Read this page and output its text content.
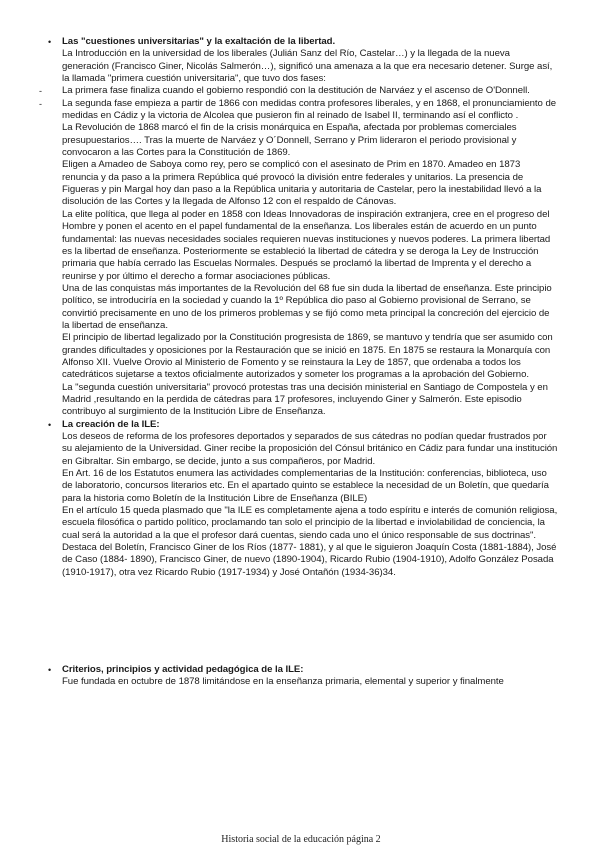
•	Las "cuestiones universitarias" y la exaltación de la libertad.
La Introducción en la universidad de los liberales (Julián Sanz del Río, Castelar…) y la llegada de la nueva generación (Francisco Giner, Nicolás Salmerón…), significó una amenaza a la que era necesario detener. Surge así, la llamada "primera cuestión universitaria", que tuvo dos fases:
-	La primera fase finaliza cuando el gobierno respondió con la destitución de Narváez y el ascenso de O'Donnell.
-	La segunda fase empieza a partir de 1866 con medidas contra profesores liberales, y en 1868, el pronunciamiento de medidas en Cádiz y la victoria de Alcolea que pusieron fin al reinado de Isabel II, terminando así el conflicto .
La Revolución de 1868 marcó el fin de la crisis monárquica en España, afectada por problemas comerciales presupuestarios…. Tras la muerte de Narváez y O´Donnell, Serrano y Prim lideraron el periodo provisional y convocaron a las Cortes para la Constitución de 1869.
Eligen a Amadeo de Saboya como rey, pero se complicó con el asesinato de Prim en 1870. Amadeo en 1873 renuncia y da paso a la primera República qué provocó la división entre federales y unitarios. La presencia de Figueras y pin Margal hoy dan paso a la República unitaria y autoritaria de Castelar, pero la inestabilidad llevó a la disolución de las Cortes y la llegada de Alfonso 12 con el respaldo de Cánovas.
La elite política, que llega al poder en 1858 con Ideas Innovadoras de inspiración extranjera, cree en el progreso del Hombre y ponen el acento en el papel fundamental de la enseñanza. Los liberales están de acuerdo en un punto fundamental: las nuevas necesidades sociales requieren nuevas instituciones y nuevos poderes. La primera libertad es la libertad de enseñanza. Posteriormente se estableció la libertad de cátedra y se deroga la Ley de Instrucción primaria que había cerrado las Escuelas Normales. Después se proclamó la libertad de Imprenta y el derecho a reunirse y por último el derecho a formar asociaciones públicas.
Una de las conquistas más importantes de la Revolución del 68 fue sin duda la libertad de enseñanza. Este principio político, se introduciría en la sociedad y cuando la 1º República dio paso al Gobierno provisional de Serrano, se convirtió precisamente en uno de los primeros problemas y se fijó como meta principal la concreción del ejercicio de la libertad de enseñanza.
El principio de libertad legalizado por la Constitución progresista de 1869, se mantuvo y tendría que ser asumido con grandes dificultades y oposiciones por la Restauración que se inició en 1875. En 1875 se restaura la Monarquía con Alfonso XII. Vuelve Orovio al Ministerio de Fomento y se reinstaura la Ley de 1857, que ordenaba a todos los catedráticos sujetarse a textos oficialmente autorizados y someter los programas a la aprobación del Gobierno.
La "segunda cuestión universitaria" provocó protestas tras una decisión ministerial en Santiago de Compostela y en Madrid ,resultando en la perdida de cátedras para 17 profesores, incluyendo Giner y Salmerón. Este episodio contribuyo al surgimiento de la Institución Libre de Enseñanza.
•	La creación de la ILE:
Los deseos de reforma de los profesores deportados y separados de sus cátedras no podían quedar frustrados por su alejamiento de la Universidad. Giner recibe la proposición del Cónsul británico en Cádiz para fundar una institución en Gibraltar. Sin embargo, se decide, junto a sus compañeros, por Madrid.
En Art. 16 de los Estatutos enumera las actividades complementarias de la Institución: conferencias, biblioteca, uso de laboratorio, concursos literarios etc. En el apartado quinto se establece la necesidad de un Boletín, que quedaría para la historia como Boletín de la Institución Libre de Enseñanza (BILE)
En el artículo 15 queda plasmado que "la ILE es completamente ajena a todo espíritu e interés de comunión religiosa, escuela filosófica o partido político, proclamando tan solo el principio de la libertad e inviolabilidad de conciencia, la cual será la autoridad a la que el profesor dará cuentas, siendo cada uno el único responsable de sus doctrinas".
Destaca del Boletín, Francisco Giner de los Ríos (1877- 1881), y al que le siguieron Joaquín Costa (1881-1884), José de Caso (1884- 1890), Francisco Giner, de nuevo (1890-1904), Ricardo Rubio (1904-1910), Adolfo González Posada (1910-1917), otra vez Ricardo Rubio (1917-1934) y José Ontañón (1934-36)34.
•	Criterios, principios y actividad pedagógica de la ILE:
Fue fundada en octubre de 1878 limitándose en la enseñanza primaria, elemental y superior y finalmente
Historia social de la educación página 2
